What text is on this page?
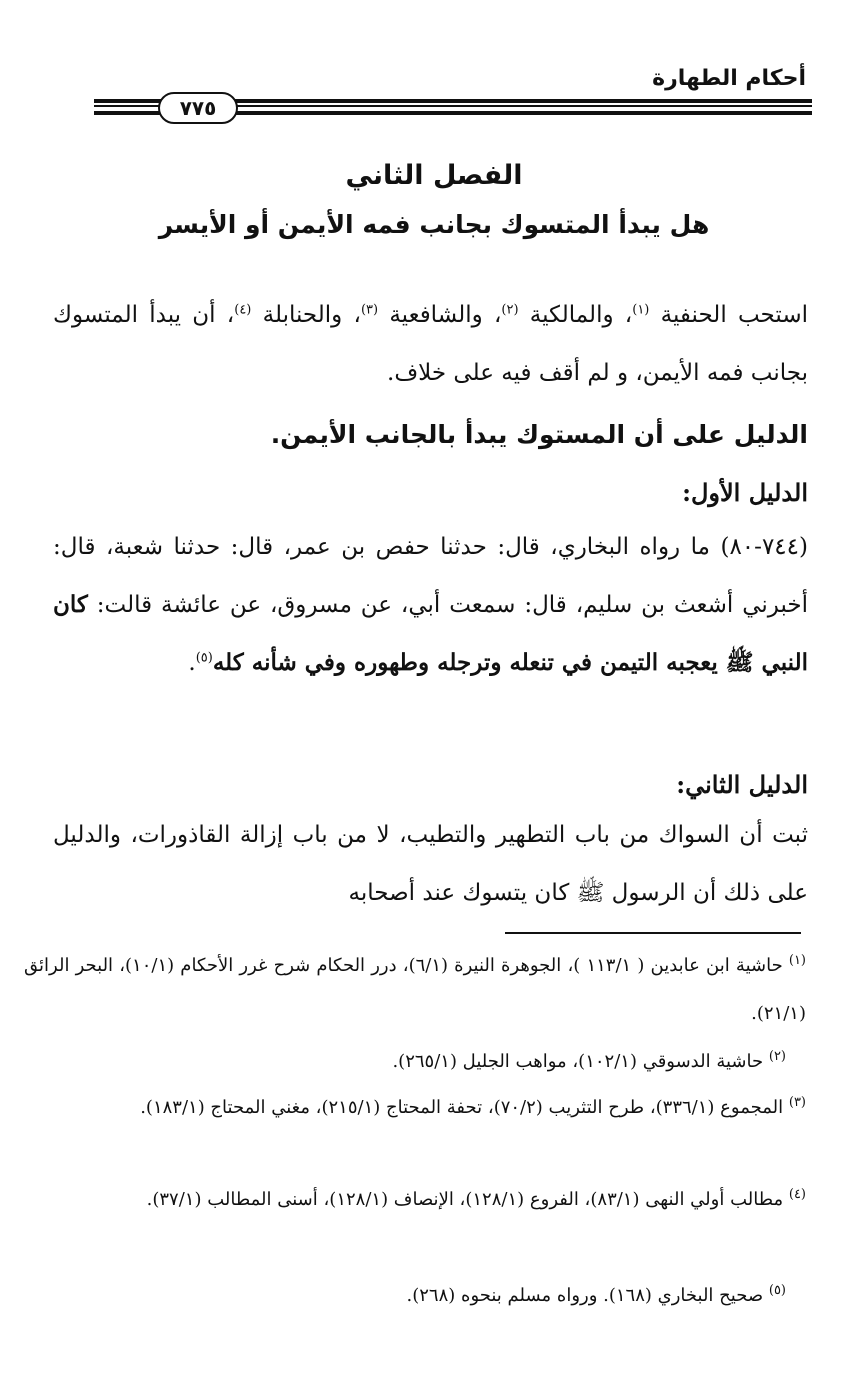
أحكام الطهارة
٧٧٥
الفصل الثاني
هل يبدأ المتسوك بجانب فمه الأيمن أو الأيسر
استحب الحنفية $^{(١)}$، والمالكية $^{(٢)}$، والشافعية $^{(٣)}$، والحنابلة $^{(٤)}$، أن يبدأ المتسوك بجانب فمه الأيمن، و لم أقف فيه على خلاف.
الدليل على أن المستوك يبدأ بالجانب الأيمن.
الدليل الأول:
(٧٤٤-٨٠) ما رواه البخاري، قال: حدثنا حفص بن عمر، قال: حدثنا شعبة، قال: أخبرني أشعث بن سليم، قال: سمعت أبي، عن مسروق، عن عائشة قالت: كان النبي ﷺ يعجبه التيمن في تنعله وترجله وطهوره وفي شأنه كله$^{(٥)}$.
الدليل الثاني:
ثبت أن السواك من باب التطهير والتطيب، لا من باب إزالة القاذورات، والدليل على ذلك أن الرسول ﷺ كان يتسوك عند أصحابه
$^{(١)}$ حاشية ابن عابدين ( ١١٣/١ )، الجوهرة النيرة (٦/١)، درر الحكام شرح غرر الأحكام (١٠/١)، البحر الرائق (٢١/١).
$^{(٢)}$ حاشية الدسوقي (١٠٢/١)، مواهب الجليل (٢٦٥/١).
$^{(٣)}$ المجموع (٣٣٦/١)، طرح التثريب (٧٠/٢)، تحفة المحتاج (٢١٥/١)، مغني المحتاج (١٨٣/١).
$^{(٤)}$ مطالب أولي النهى (٨٣/١)، الفروع (١٢٨/١)، الإنصاف (١٢٨/١)، أسنى المطالب (٣٧/١).
$^{(٥)}$ صحيح البخاري (١٦٨). ورواه مسلم بنحوه (٢٦٨).
